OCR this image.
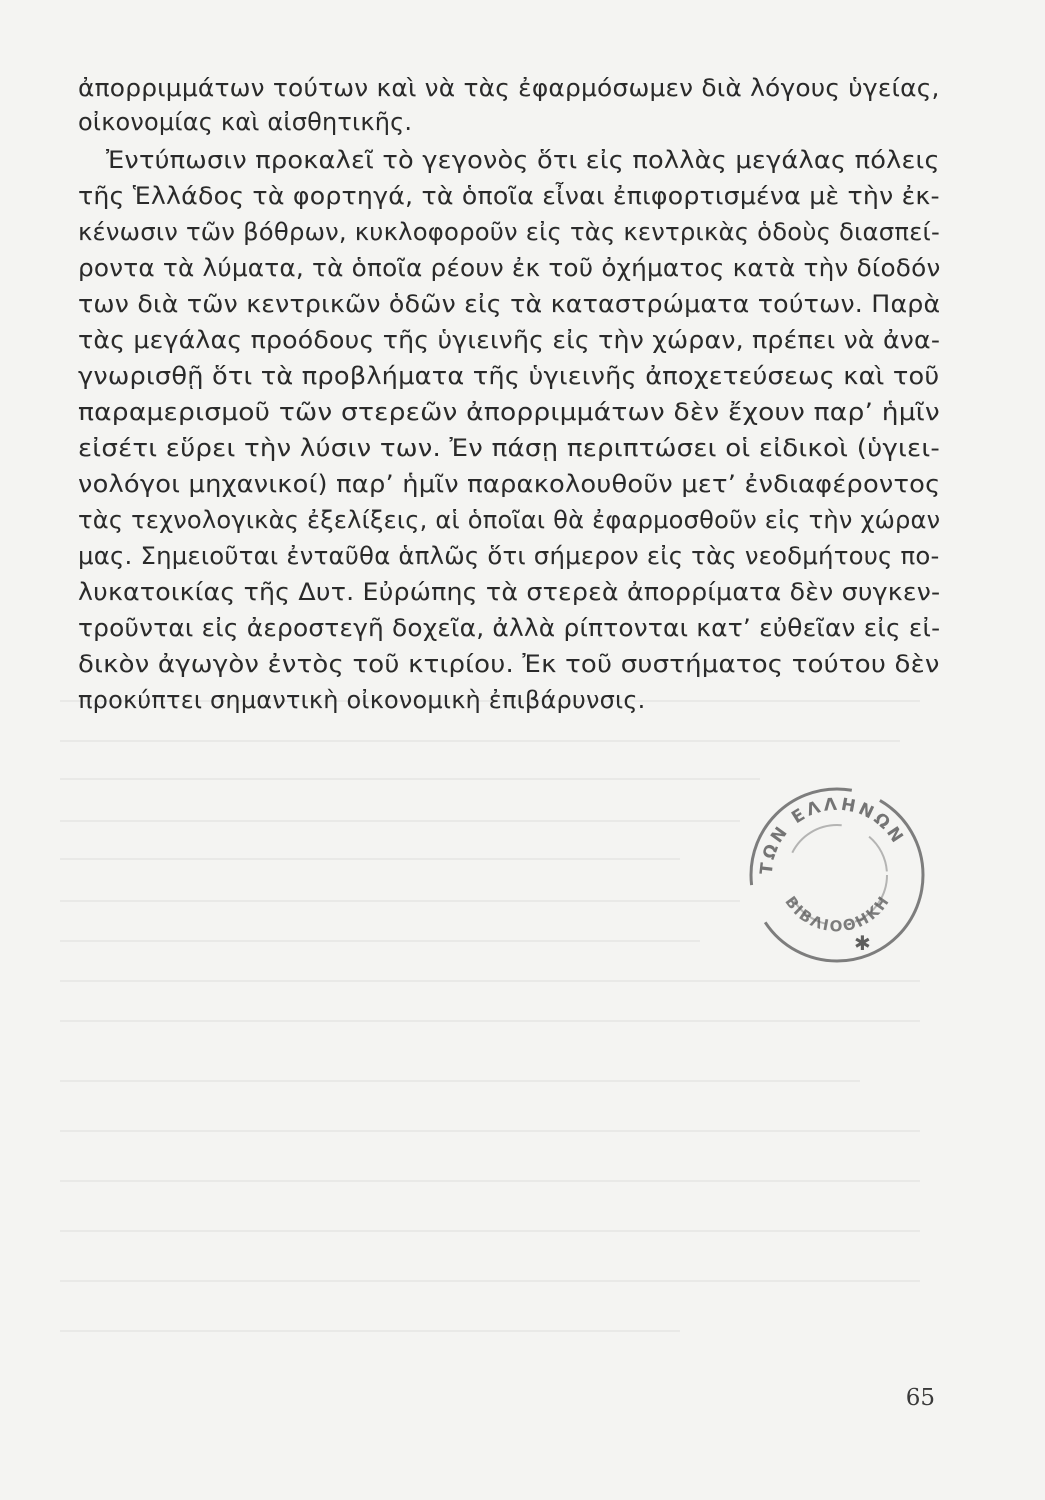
ἀπορριμμάτων τούτων καὶ νὰ τὰς ἐφαρμόσωμεν διὰ λόγους ὑγείας,
οἰκονομίας καὶ αἰσθητικῆς.
Ἐντύπωσιν προκαλεῖ τὸ γεγονὸς ὅτι εἰς πολλὰς μεγάλας πόλεις
τῆς Ἑλλάδος τὰ φορτηγά, τὰ ὁποῖα εἶναι ἐπιφορτισμένα μὲ τὴν ἐκ-
κένωσιν τῶν βόθρων, κυκλοφοροῦν εἰς τὰς κεντρικὰς ὁδοὺς διασπεί-
ροντα τὰ λύματα, τὰ ὁποῖα ρέουν ἐκ τοῦ ὀχήματος κατὰ τὴν δίοδόν
των διὰ τῶν κεντρικῶν ὁδῶν εἰς τὰ καταστρώματα τούτων. Παρὰ
τὰς μεγάλας προόδους τῆς ὑγιεινῆς εἰς τὴν χώραν, πρέπει νὰ ἀνα-
γνωρισθῇ ὅτι τὰ προβλήματα τῆς ὑγιεινῆς ἀποχετεύσεως καὶ τοῦ
παραμερισμοῦ τῶν στερεῶν ἀπορριμμάτων δὲν ἔχουν παρ’ ἡμῖν
εἰσέτι εὕρει τὴν λύσιν των. Ἐν πάσῃ περιπτώσει οἱ εἰδικοὶ (ὑγιει-
νολόγοι μηχανικοί) παρ’ ἡμῖν παρακολουθοῦν μετ’ ἐνδιαφέροντος
τὰς τεχνολογικὰς ἐξελίξεις, αἱ ὁποῖαι θὰ ἐφαρμοσθοῦν εἰς τὴν χώραν
μας. Σημειοῦται ἐνταῦθα ἁπλῶς ὅτι σήμερον εἰς τὰς νεοδμήτους πο-
λυκατοικίας τῆς Δυτ. Εὐρώπης τὰ στερεὰ ἀπορρίματα δὲν συγκεν-
τροῦνται εἰς ἀεροστεγῆ δοχεῖα, ἀλλὰ ρίπτονται κατ’ εὐθεῖαν εἰς εἰ-
δικὸν ἀγωγὸν ἐντὸς τοῦ κτιρίου. Ἐκ τοῦ συστήματος τούτου δὲν
προκύπτει σημαντικὴ οἰκονομικὴ ἐπιβάρυνσις.
ΤΩΝ ΕΛΛΗΝΩΝ
ΒΙΒΛΙΟΘΗΚΗ
✱
65
